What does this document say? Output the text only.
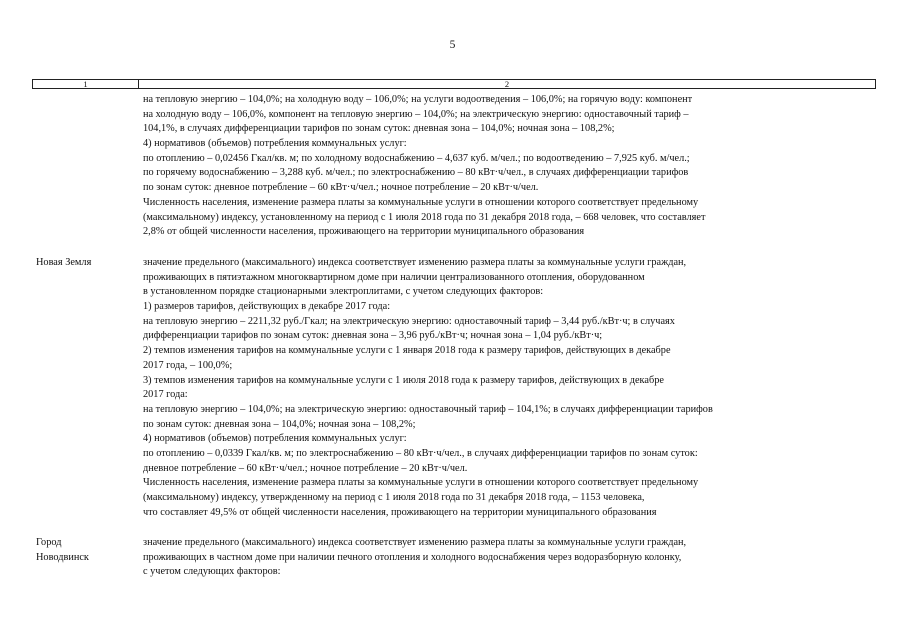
5
1	2
на тепловую энергию – 104,0%; на холодную воду – 106,0%; на услуги водоотведения – 106,0%; на горячую воду: компонент
на холодную воду – 106,0%, компонент на тепловую энергию – 104,0%; на электрическую энергию: одноставочный тариф –
104,1%, в случаях дифференциации тарифов по зонам суток: дневная зона – 104,0%; ночная зона – 108,2%;
4) нормативов (объемов) потребления коммунальных услуг:
по отоплению – 0,02456 Гкал/кв. м; по холодному водоснабжению – 4,637 куб. м/чел.; по водоотведению – 7,925 куб. м/чел.;
по горячему водоснабжению – 3,288 куб. м/чел.; по электроснабжению – 80 кВт·ч/чел., в случаях дифференциации тарифов
по зонам суток: дневное потребление – 60 кВт·ч/чел.; ночное потребление – 20 кВт·ч/чел.
Численность населения, изменение размера платы за коммунальные услуги в отношении которого соответствует предельному
(максимальному) индексу, установленному на период с 1 июля 2018 года по 31 декабря 2018 года, – 668 человек, что составляет
2,8% от общей численности населения, проживающего на территории муниципального образования
Новая Земля	значение предельного (максимального) индекса соответствует изменению размера платы за коммунальные услуги граждан,
проживающих в пятиэтажном многоквартирном доме при наличии централизованного отопления, оборудованном
в установленном порядке стационарными электроплитами, с учетом следующих факторов:
1) размеров тарифов, действующих в декабре 2017 года:
на тепловую энергию – 2211,32 руб./Гкал; на электрическую энергию: одноставочный тариф – 3,44 руб./кВт·ч; в случаях
дифференциации тарифов по зонам суток: дневная зона – 3,96 руб./кВт·ч; ночная зона – 1,04 руб./кВт·ч;
2) темпов изменения тарифов на коммунальные услуги с 1 января 2018 года к размеру тарифов, действующих в декабре
2017 года, – 100,0%;
3) темпов изменения тарифов на коммунальные услуги с 1 июля 2018 года к размеру тарифов, действующих в декабре
2017 года:
на тепловую энергию – 104,0%; на электрическую энергию: одноставочный тариф – 104,1%; в случаях дифференциации тарифов
по зонам суток: дневная зона – 104,0%; ночная зона – 108,2%;
4) нормативов (объемов) потребления коммунальных услуг:
по отоплению – 0,0339 Гкал/кв. м; по электроснабжению – 80 кВт·ч/чел., в случаях дифференциации тарифов по зонам суток:
дневное потребление – 60 кВт·ч/чел.; ночное потребление – 20 кВт·ч/чел.
Численность населения, изменение размера платы за коммунальные услуги в отношении которого соответствует предельному
(максимальному) индексу, утвержденному на период с 1 июля 2018 года по 31 декабря 2018 года, – 1153 человека,
что составляет 49,5% от общей численности населения, проживающего на территории муниципального образования
Город
Новодвинск
значение предельного (максимального) индекса соответствует изменению размера платы за коммунальные услуги граждан,
проживающих в частном доме при наличии печного отопления и холодного водоснабжения через водоразборную колонку,
с учетом следующих факторов:
